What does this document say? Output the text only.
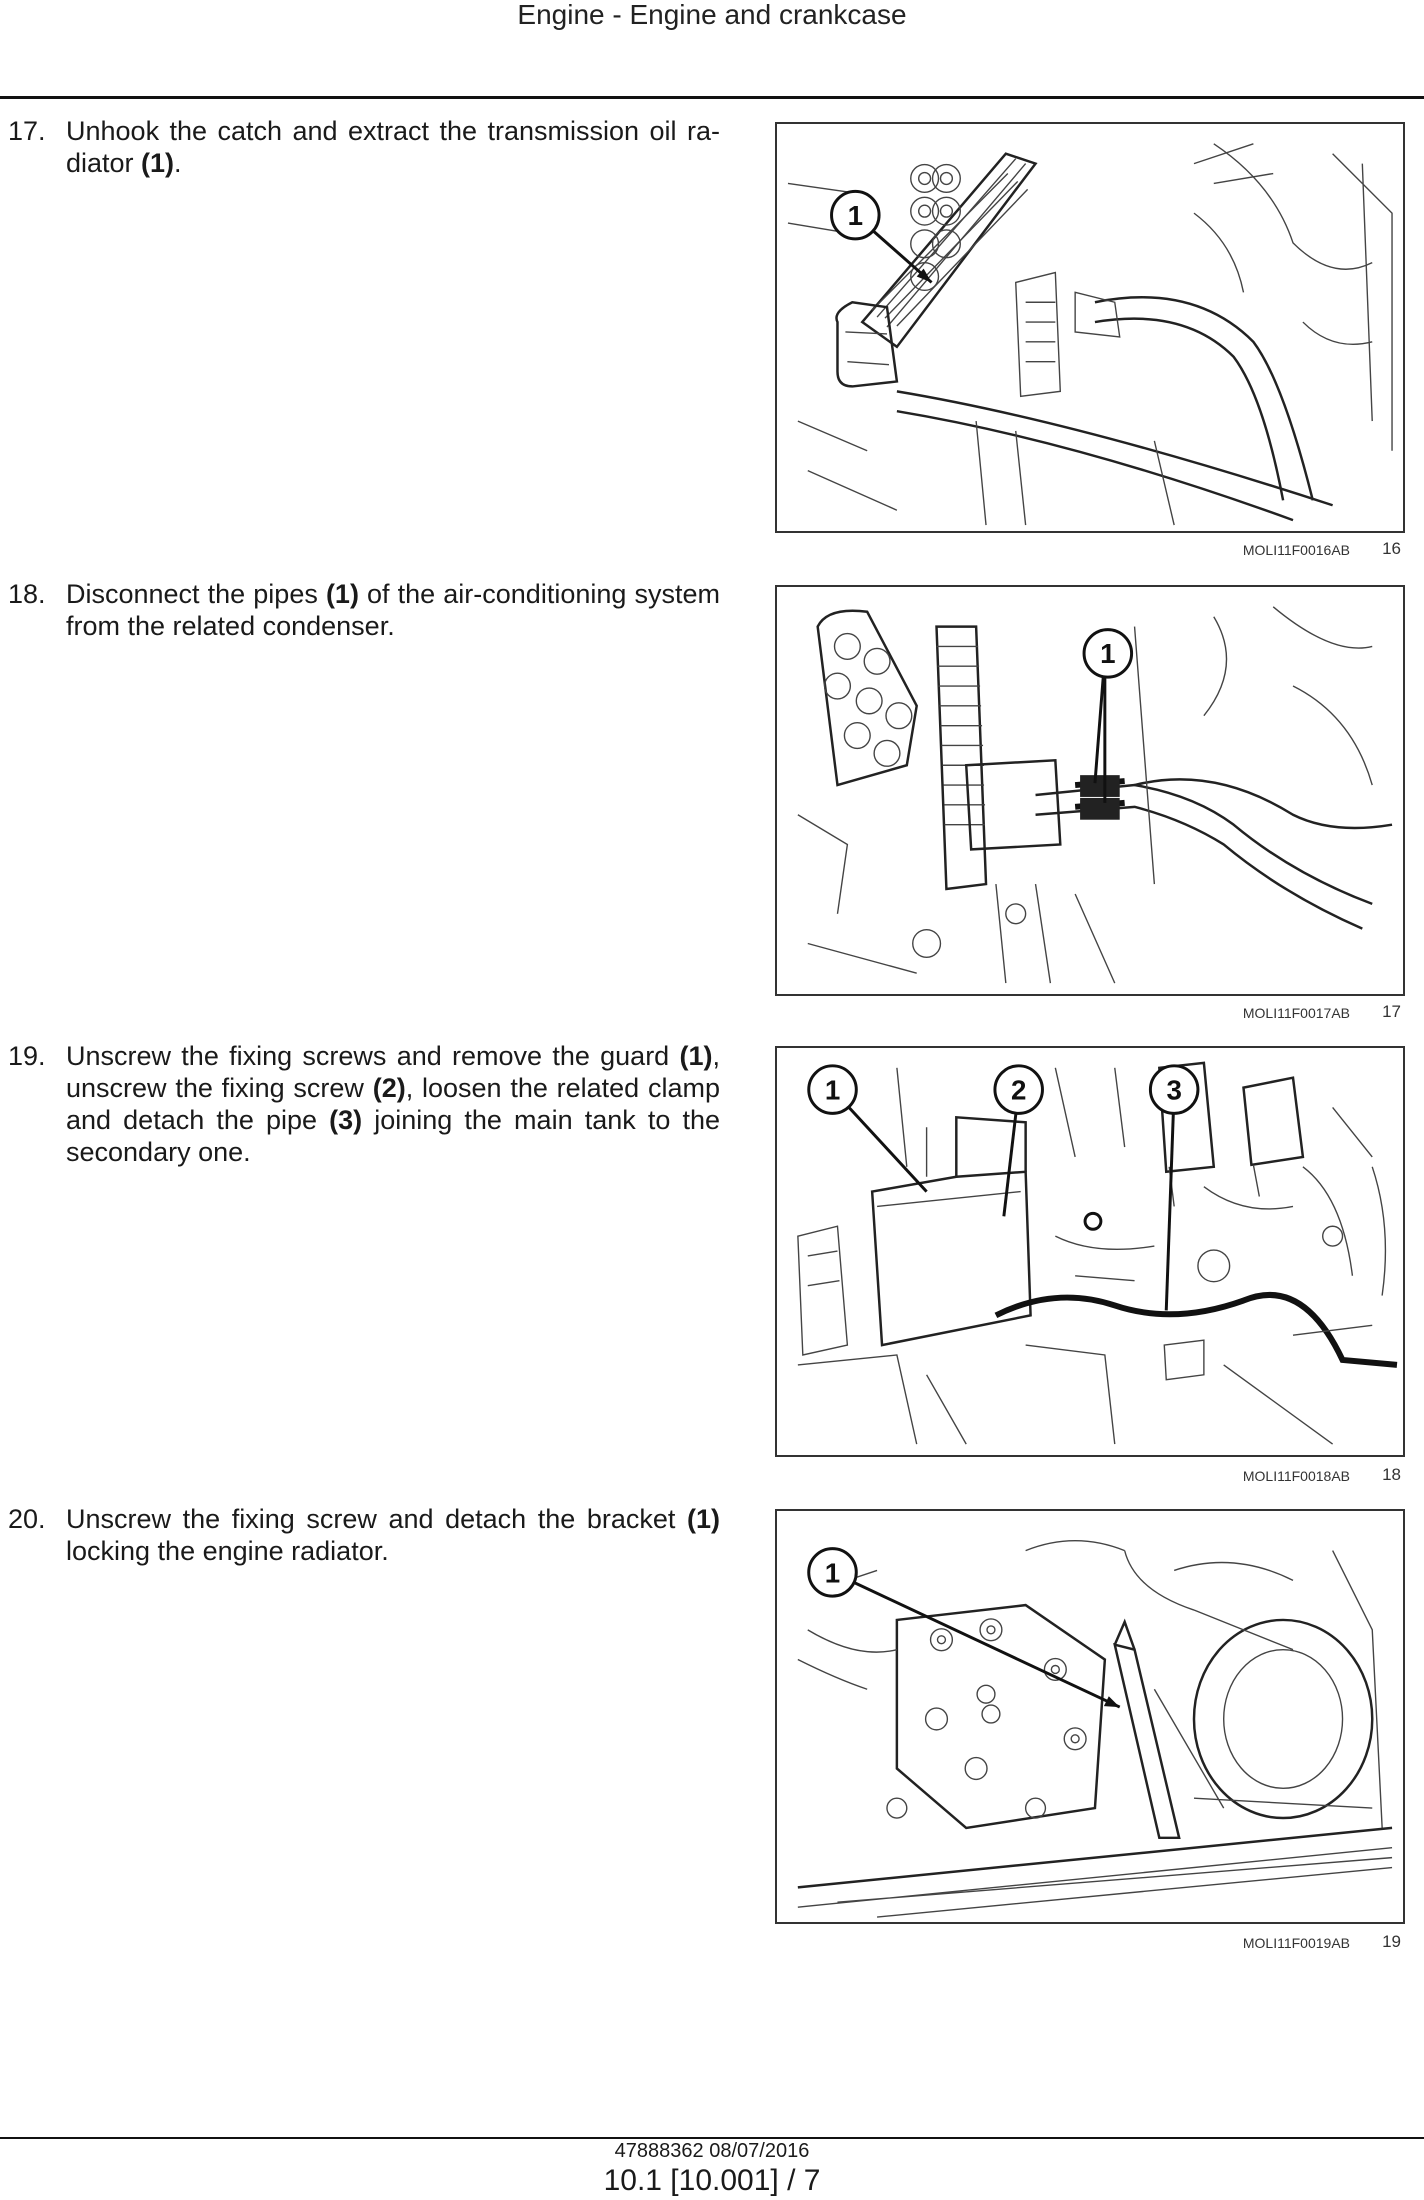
Engine - Engine and crankcase
17. Unhook the catch and extract the transmission oil ra-diator (1).
1
MOLI11F0016AB 16
18. Disconnect the pipes (1) of the air-conditioning system from the related condenser.
1
MOLI11F0017AB 17
19. Unscrew the fixing screws and remove the guard (1), unscrew the fixing screw (2), loosen the related clamp and detach the pipe (3) joining the main tank to the secondary one.
1	2	3
MOLI11F0018AB 18
20. Unscrew the fixing screw and detach the bracket (1) locking the engine radiator.
1
MOLI11F0019AB 19
47888362 08/07/2016
10.1 [10.001] / 7
